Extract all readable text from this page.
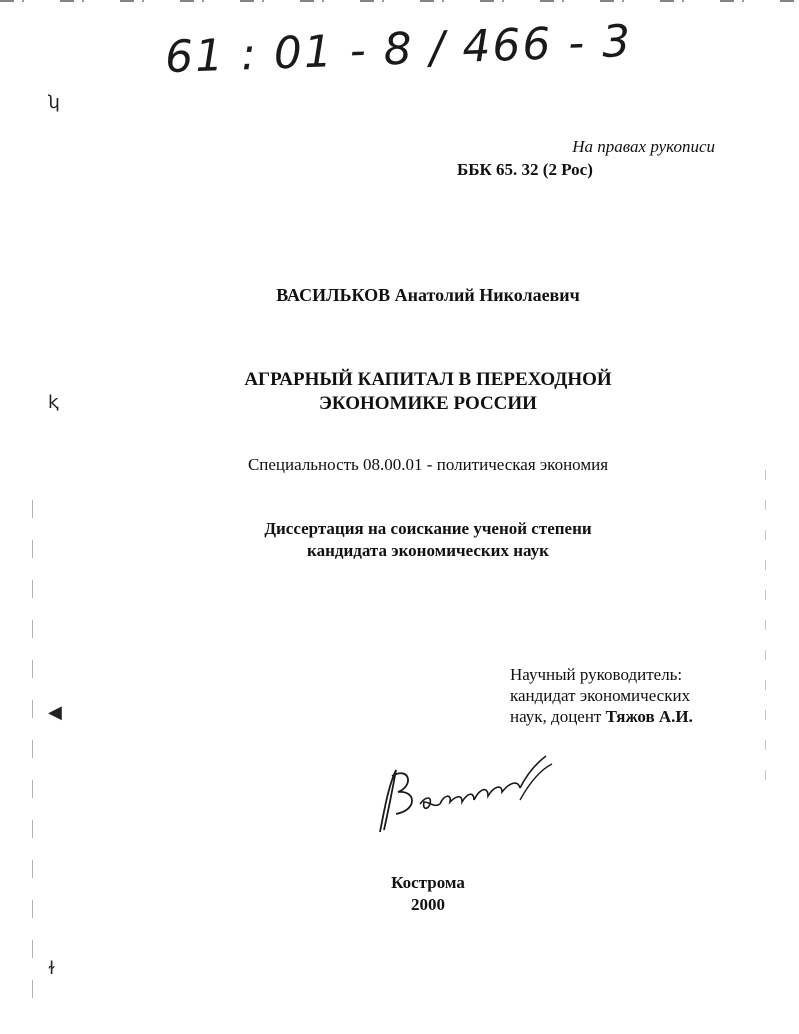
61 : 01 - 8 / 466 - 3
ʮ
ⱪ
◀
ɫ
На правах рукописи
ББК 65. 32 (2 Рос)
ВАСИЛЬКОВ Анатолий Николаевич
АГРАРНЫЙ КАПИТАЛ В ПЕРЕХОДНОЙ
ЭКОНОМИКЕ РОССИИ
Специальность 08.00.01 - политическая экономия
Диссертация на соискание ученой степени
кандидата экономических наук
Научный руководитель:
кандидат экономических
наук, доцент Тяжов А.И.
Кострома
2000
